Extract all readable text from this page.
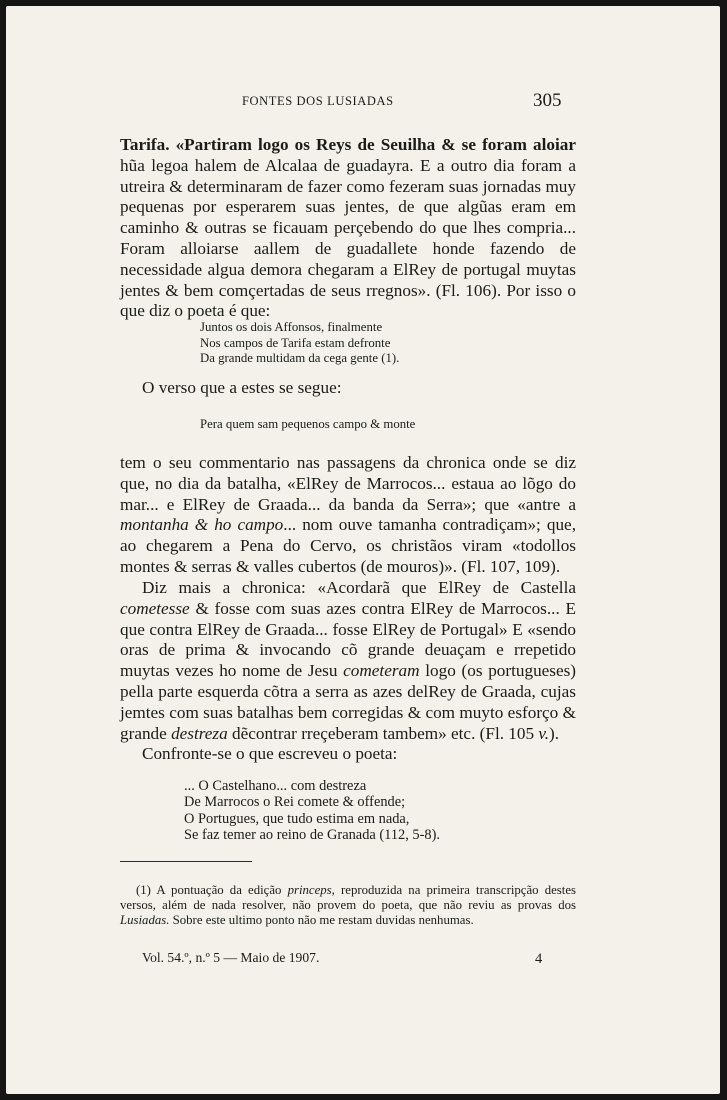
FONTES DOS LUSIADAS	305
Tarifa. «Partiram logo os Reys de Seuilha & se foram aloiar hũa legoa halem de Alcalaa de guadayra. E a outro dia foram a utreira & determinaram de fazer como fezeram suas jornadas muy pequenas por esperarem suas jentes, de que algũas eram em caminho & outras se ficauam perçebendo do que lhes compria... Foram alloiarse aallem de guadallete honde fazendo de necessidade algua demora chegaram a ElRey de portugal muytas jentes & bem comçertadas de seus rregnos». (Fl. 106). Por isso o que diz o poeta é que:
Juntos os dois Affonsos, finalmente
Nos campos de Tarifa estam defronte
Da grande multidam da cega gente (1).
O verso que a estes se segue:
Pera quem sam pequenos campo & monte
tem o seu commentario nas passagens da chronica onde se diz que, no dia da batalha, «ElRey de Marrocos... estaua ao lõgo do mar... e ElRey de Graada... da banda da Serra»; que «antre a montanha & ho campo... nom ouve tamanha contradiçam»; que, ao chegarem a Pena do Cervo, os christãos viram «todollos montes & serras & valles cubertos (de mouros)». (Fl. 107, 109).
Diz mais a chronica: «Acordarã que ElRey de Castella cometesse & fosse com suas azes contra ElRey de Marrocos... E que contra ElRey de Graada... fosse ElRey de Portugal» E «sendo oras de prima & invocando cõ grande deuaçam e rrepetido muytas vezes ho nome de Jesu cometeram logo (os portugueses) pella parte esquerda cõtra a serra as azes delRey de Graada, cujas jemtes com suas batalhas bem corregidas & com muyto esforço & grande destreza dẽcontrar rreçeberam tambem» etc. (Fl. 105 v.).
Confronte-se o que escreveu o poeta:
... O Castelhano... com destreza
De Marrocos o Rei comete & offende;
O Portugues, que tudo estima em nada,
Se faz temer ao reino de Granada (112, 5-8).
(1) A pontuação da edição princeps, reproduzida na primeira transcripção destes versos, além de nada resolver, não provem do poeta, que não reviu as provas dos Lusiadas. Sobre este ultimo ponto não me restam duvidas nenhumas.
Vol. 54.º, n.º 5 — Maio de 1907.	4
